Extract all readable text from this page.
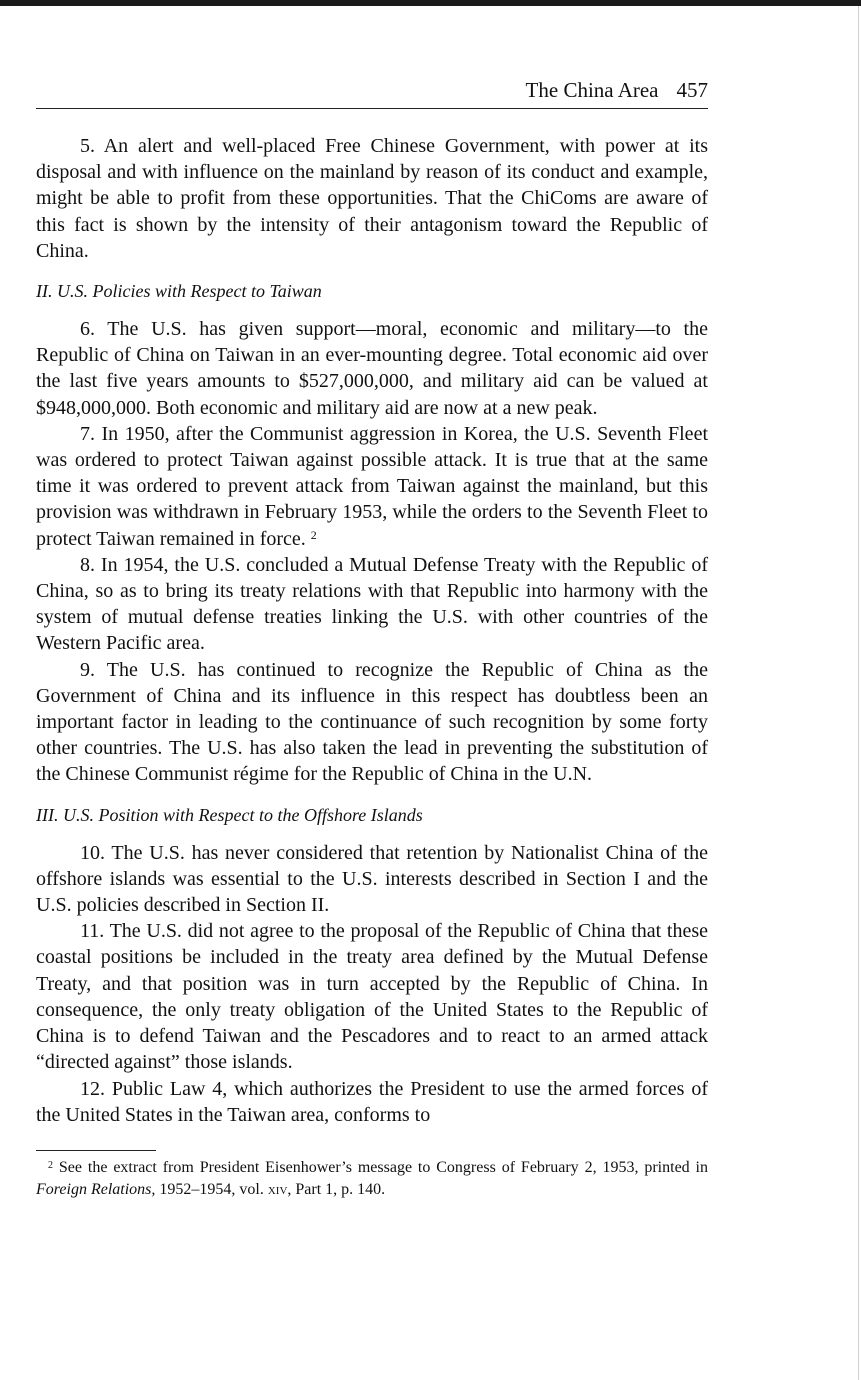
The China Area 457

5. An alert and well-placed Free Chinese Government, with power at its disposal and with influence on the mainland by reason of its conduct and example, might be able to profit from these opportunities. That the ChiComs are aware of this fact is shown by the intensity of their antagonism toward the Republic of China.

II. U.S. Policies with Respect to Taiwan

6. The U.S. has given support—moral, economic and military—to the Republic of China on Taiwan in an ever-mounting degree. Total economic aid over the last five years amounts to $527,000,000, and military aid can be valued at $948,000,000. Both economic and military aid are now at a new peak.

7. In 1950, after the Communist aggression in Korea, the U.S. Seventh Fleet was ordered to protect Taiwan against possible attack. It is true that at the same time it was ordered to prevent attack from Taiwan against the mainland, but this provision was withdrawn in February 1953, while the orders to the Seventh Fleet to protect Taiwan remained in force. $^2$

8. In 1954, the U.S. concluded a Mutual Defense Treaty with the Republic of China, so as to bring its treaty relations with that Republic into harmony with the system of mutual defense treaties linking the U.S. with other countries of the Western Pacific area.

9. The U.S. has continued to recognize the Republic of China as the Government of China and its influence in this respect has doubtless been an important factor in leading to the continuance of such recognition by some forty other countries. The U.S. has also taken the lead in preventing the substitution of the Chinese Communist régime for the Republic of China in the U.N.

III. U.S. Position with Respect to the Offshore Islands

10. The U.S. has never considered that retention by Nationalist China of the offshore islands was essential to the U.S. interests described in Section I and the U.S. policies described in Section II.

11. The U.S. did not agree to the proposal of the Republic of China that these coastal positions be included in the treaty area defined by the Mutual Defense Treaty, and that position was in turn accepted by the Republic of China. In consequence, the only treaty obligation of the United States to the Republic of China is to defend Taiwan and the Pescadores and to react to an armed attack “directed against” those islands.

12. Public Law 4, which authorizes the President to use the armed forces of the United States in the Taiwan area, conforms to

$^2$ See the extract from President Eisenhower’s message to Congress of February 2, 1953, printed in Foreign Relations, 1952–1954, vol. xiv, Part 1, p. 140.
